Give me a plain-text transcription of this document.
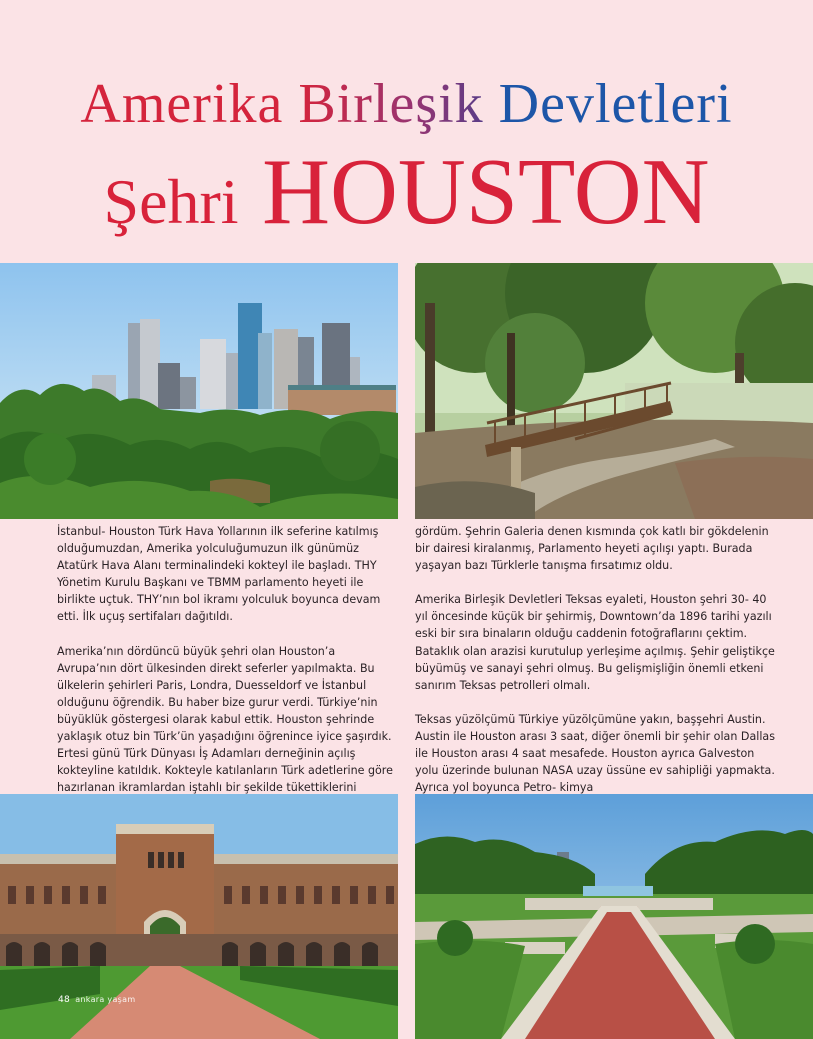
Amerika Birleşik Devletleri
Şehri HOUSTON

İstanbul- Houston Türk Hava Yollarının ilk seferine katılmış olduğumuzdan, Amerika yolculuğumuzun ilk günümüz Atatürk Hava Alanı terminalindeki kokteyl ile başladı. THY Yönetim Kurulu Başkanı ve TBMM parlamento heyeti ile birlikte uçtuk. THY’nın bol ikramı yolculuk boyunca devam etti. İlk uçuş sertifaları dağıtıldı.

Amerika’nın dördüncü büyük şehri olan Houston’a Avrupa’nın dört ülkesinden direkt seferler yapılmakta. Bu ülkelerin şehirleri Paris, Londra, Duesseldorf ve İstanbul olduğunu öğrendik. Bu haber bize gurur verdi. Türkiye’nin büyüklük göstergesi olarak kabul ettik. Houston şehrinde yaklaşık otuz bin Türk’ün yaşadığını öğrenince iyice şaşırdık. Ertesi günü Türk Dünyası İş Adamları derneğinin açılış kokteyline katıldık. Kokteyle katılanların Türk adetlerine göre hazırlanan ikramlardan iştahlı bir şekilde tükettiklerini

gördüm. Şehrin Galeria denen kısmında çok katlı bir gökdelenin bir dairesi kiralanmış, Parlamento heyeti açılışı yaptı. Burada yaşayan bazı Türklerle tanışma fırsatımız oldu.

Amerika Birleşik Devletleri Teksas eyaleti, Houston şehri 30- 40 yıl öncesinde küçük bir şehirmiş, Downtown’da 1896 tarihi yazılı eski bir sıra binaların olduğu caddenin fotoğraflarını çektim. Bataklık olan arazisi kurutulup yerleşime açılmış. Şehir geliştikçe büyümüş ve sanayi şehri olmuş. Bu gelişmişliğin önemli etkeni sanırım Teksas petrolleri olmalı.

Teksas yüzölçümü Türkiye yüzölçümüne yakın, başşehri Austin. Austin ile Houston arası 3 saat, diğer önemli bir şehir olan Dallas ile Houston arası 4 saat mesafede. Houston ayrıca Galveston yolu üzerinde bulunan NASA uzay üssüne ev sahipliği yapmakta. Ayrıca yol boyunca Petro- kimya

48 ankara yaşam
